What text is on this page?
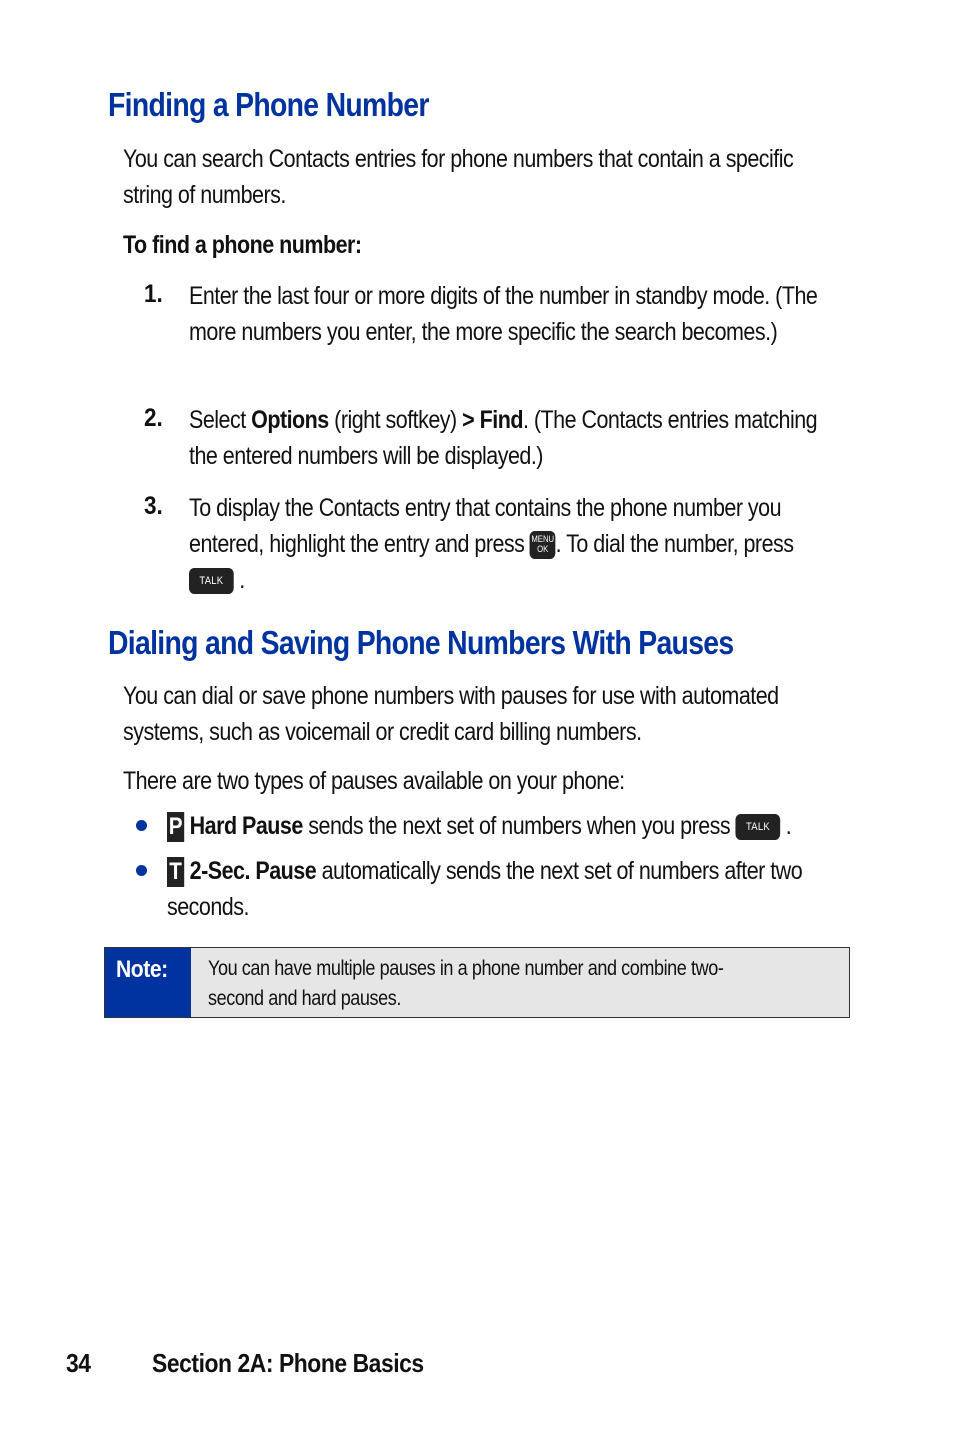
Finding a Phone Number

You can search Contacts entries for phone numbers that contain a specific string of numbers.

To find a phone number:

1. Enter the last four or more digits of the number in standby mode. (The more numbers you enter, the more specific the search becomes.)

2. Select Options (right softkey) > Find. (The Contacts entries matching the entered numbers will be displayed.)

3. To display the Contacts entry that contains the phone number you entered, highlight the entry and press MENU
OK . To dial the number, press TALK .

Dialing and Saving Phone Numbers With Pauses

You can dial or save phone numbers with pauses for use with automated systems, such as voicemail or credit card billing numbers.

There are two types of pauses available on your phone:

P Hard Pause sends the next set of numbers when you press TALK .

T 2-Sec. Pause automatically sends the next set of numbers after two seconds.

Note:	You can have multiple pauses in a phone number and combine two-second and hard pauses.
34 Section 2A: Phone Basics
